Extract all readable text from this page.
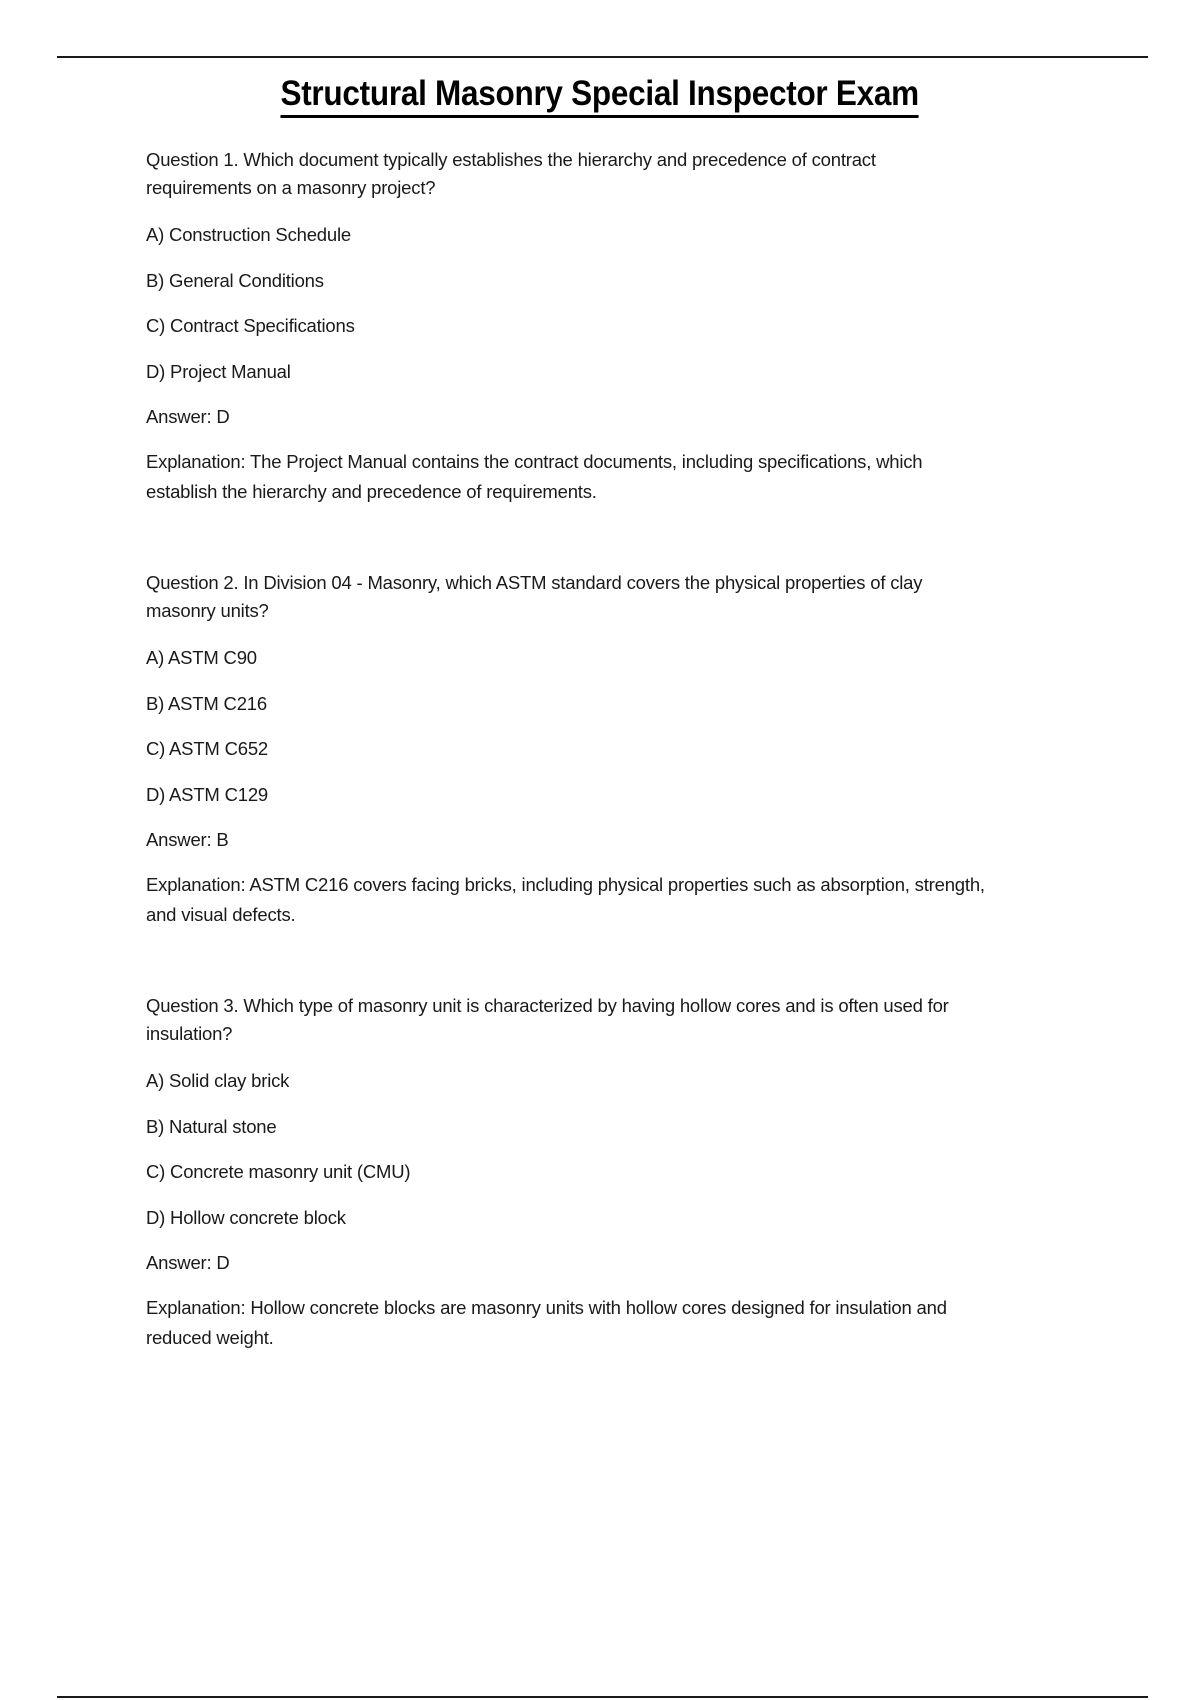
Structural Masonry Special Inspector Exam
Question 1. Which document typically establishes the hierarchy and precedence of contract
requirements on a masonry project?
A) Construction Schedule
B) General Conditions
C) Contract Specifications
D) Project Manual
Answer: D
Explanation: The Project Manual contains the contract documents, including specifications, which
establish the hierarchy and precedence of requirements.
Question 2. In Division 04 - Masonry, which ASTM standard covers the physical properties of clay
masonry units?
A) ASTM C90
B) ASTM C216
C) ASTM C652
D) ASTM C129
Answer: B
Explanation: ASTM C216 covers facing bricks, including physical properties such as absorption, strength,
and visual defects.
Question 3. Which type of masonry unit is characterized by having hollow cores and is often used for
insulation?
A) Solid clay brick
B) Natural stone
C) Concrete masonry unit (CMU)
D) Hollow concrete block
Answer: D
Explanation: Hollow concrete blocks are masonry units with hollow cores designed for insulation and
reduced weight.
